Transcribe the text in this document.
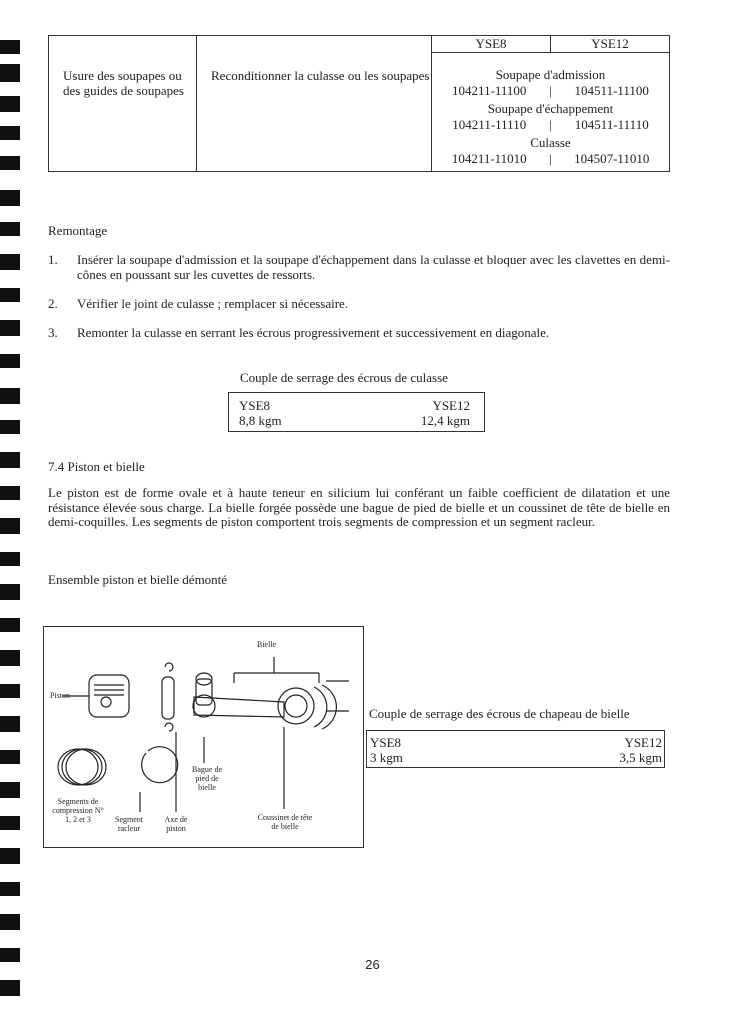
Usure des soupapes ou des guides de soupapes	Reconditionner la culasse ou les soupapes	
YSE8	YSE12
Soupape d'admission
104211-11100	|	104511-11100
Soupape d'échappement
104211-11110	|	104511-11110
Culasse
104211-11010	|	104507-11010
Remontage
1. Insérer la soupape d'admission et la soupape d'échappement dans la culasse et bloquer avec les clavettes en demi-cônes en poussant sur les cuvettes de ressorts.
2. Vérifier le joint de culasse ; remplacer si nécessaire.
3. Remonter la culasse en serrant les écrous progressivement et successivement en diagonale.
Couple de serrage des écrous de culasse
YSE8	YSE12
8,8 kgm	12,4 kgm
7.4 Piston et bielle
Le piston est de forme ovale et à haute teneur en silicium lui conférant un faible coefficient de dilatation et une résistance élevée sous charge. La bielle forgée possède une bague de pied de bielle et un coussinet de tête de bielle en demi-coquilles. Les segments de piston comportent trois segments de compression et un segment racleur.
Ensemble piston et bielle démonté
Bielle
Piston
Bague de pied de bielle
Segments de compression N° 1, 2 et 3	Segment racleur
Axe de piston
Coussinet de tête de bielle
Couple de serrage des écrous de chapeau de bielle
YSE8	YSE12
3 kgm	3,5 kgm
26
